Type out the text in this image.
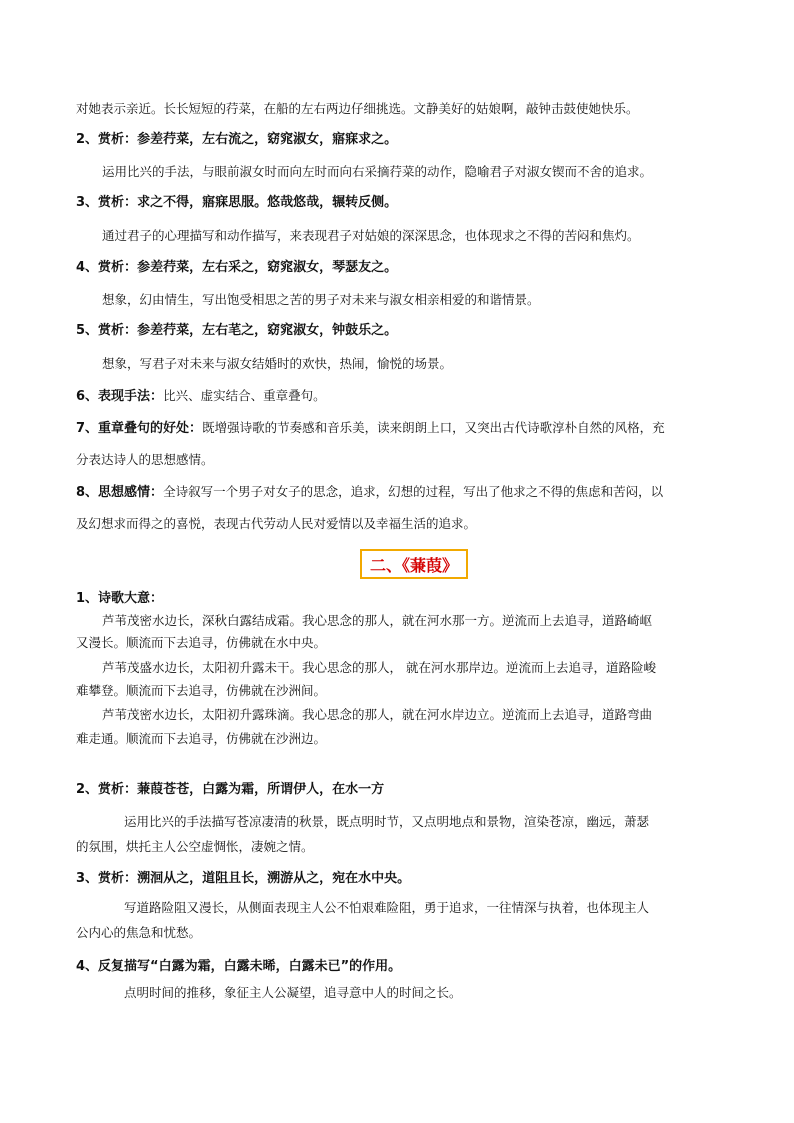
对她表示亲近。长长短短的荇菜，在船的左右两边仔细挑选。文静美好的姑娘啊，敲钟击鼓使她快乐。
2、赏析：参差荇菜，左右流之，窈窕淑女，寤寐求之。
运用比兴的手法，与眼前淑女时而向左时而向右采摘荇菜的动作，隐喻君子对淑女锲而不舍的追求。
3、赏析：求之不得，寤寐思服。悠哉悠哉，辗转反侧。
通过君子的心理描写和动作描写，来表现君子对姑娘的深深思念，也体现求之不得的苦闷和焦灼。
4、赏析：参差荇菜，左右采之，窈窕淑女，琴瑟友之。
想象，幻由情生，写出饱受相思之苦的男子对未来与淑女相亲相爱的和谐情景。
5、赏析：参差荇菜，左右芼之，窈窕淑女，钟鼓乐之。
想象，写君子对未来与淑女结婚时的欢快，热闹，愉悦的场景。
6、表现手法：比兴、虚实结合、重章叠句。
7、重章叠句的好处：既增强诗歌的节奏感和音乐美，读来朗朗上口，又突出古代诗歌淳朴自然的风格，充
分表达诗人的思想感情。
8、思想感情：全诗叙写一个男子对女子的思念，追求，幻想的过程，写出了他求之不得的焦虑和苦闷，以
及幻想求而得之的喜悦，表现古代劳动人民对爱情以及幸福生活的追求。
二、《蒹葭》
1、诗歌大意：
芦苇茂密水边长，深秋白露结成霜。我心思念的那人，就在河水那一方。逆流而上去追寻，道路崎岖
又漫长。顺流而下去追寻，仿佛就在水中央。
芦苇茂盛水边长，太阳初升露未干。我心思念的那人， 就在河水那岸边。逆流而上去追寻，道路险峻
难攀登。顺流而下去追寻，仿佛就在沙洲间。
芦苇茂密水边长，太阳初升露珠滴。我心思念的那人，就在河水岸边立。逆流而上去追寻，道路弯曲
难走通。顺流而下去追寻，仿佛就在沙洲边。
2、赏析：蒹葭苍苍，白露为霜，所谓伊人，在水一方
运用比兴的手法描写苍凉凄清的秋景，既点明时节，又点明地点和景物，渲染苍凉，幽远，萧瑟
的氛围，烘托主人公空虚惆怅，凄婉之情。
3、赏析：溯洄从之，道阻且长，溯游从之，宛在水中央。
写道路险阻又漫长，从侧面表现主人公不怕艰难险阻，勇于追求，一往情深与执着，也体现主人
公内心的焦急和忧愁。
4、反复描写“白露为霜，白露未晞，白露未已”的作用。
点明时间的推移，象征主人公凝望，追寻意中人的时间之长。
